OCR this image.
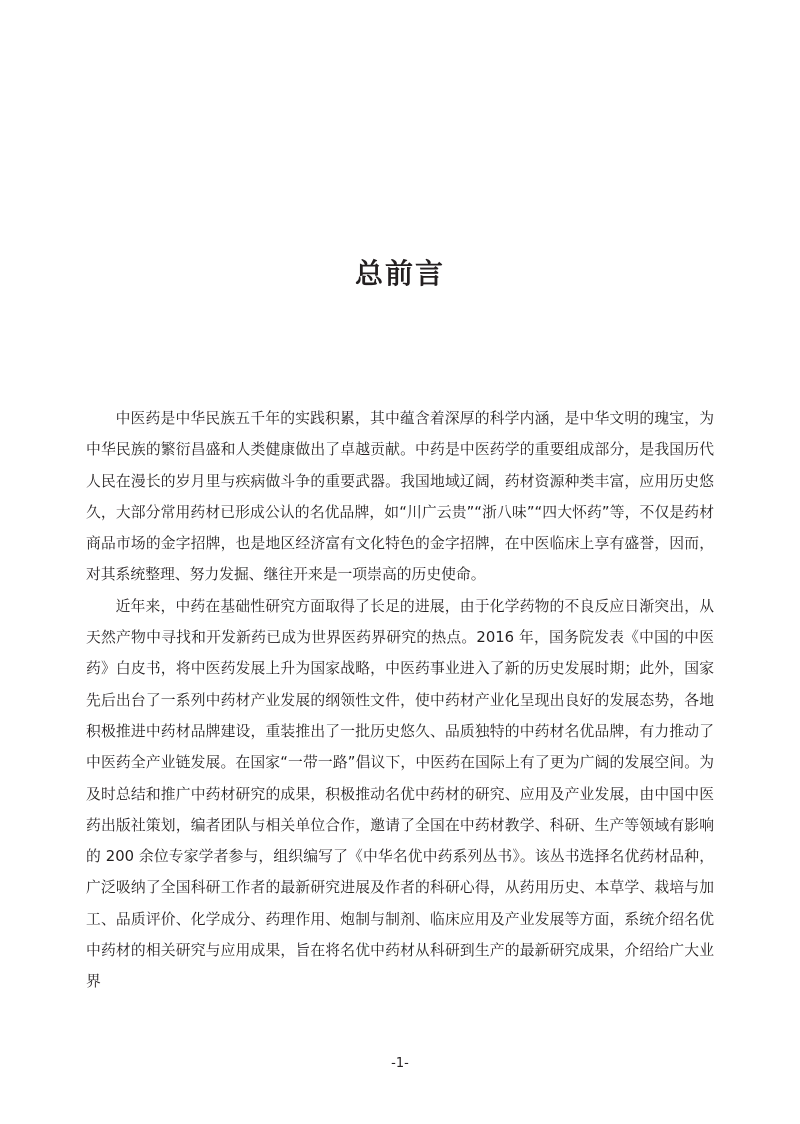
总前言

中医药是中华民族五千年的实践积累，其中蕴含着深厚的科学内涵，是中华文明的瑰宝，为中华民族的繁衍昌盛和人类健康做出了卓越贡献。中药是中医药学的重要组成部分，是我国历代人民在漫长的岁月里与疾病做斗争的重要武器。我国地域辽阔，药材资源种类丰富，应用历史悠久，大部分常用药材已形成公认的名优品牌，如“川广云贵”“浙八味”“四大怀药”等，不仅是药材商品市场的金字招牌，也是地区经济富有文化特色的金字招牌，在中医临床上享有盛誉，因而，对其系统整理、努力发掘、继往开来是一项崇高的历史使命。

近年来，中药在基础性研究方面取得了长足的进展，由于化学药物的不良反应日渐突出，从天然产物中寻找和开发新药已成为世界医药界研究的热点。2016 年，国务院发表《中国的中医药》白皮书，将中医药发展上升为国家战略，中医药事业进入了新的历史发展时期；此外，国家先后出台了一系列中药材产业发展的纲领性文件，使中药材产业化呈现出良好的发展态势，各地积极推进中药材品牌建设，重装推出了一批历史悠久、品质独特的中药材名优品牌，有力推动了中医药全产业链发展。在国家“一带一路”倡议下，中医药在国际上有了更为广阔的发展空间。为及时总结和推广中药材研究的成果，积极推动名优中药材的研究、应用及产业发展，由中国中医药出版社策划，编者团队与相关单位合作，邀请了全国在中药材教学、科研、生产等领域有影响的 200 余位专家学者参与，组织编写了《中华名优中药系列丛书》。该丛书选择名优药材品种，广泛吸纳了全国科研工作者的最新研究进展及作者的科研心得，从药用历史、本草学、栽培与加工、品质评价、化学成分、药理作用、炮制与制剂、临床应用及产业发展等方面，系统介绍名优中药材的相关研究与应用成果，旨在将名优中药材从科研到生产的最新研究成果，介绍给广大业界

-1-
